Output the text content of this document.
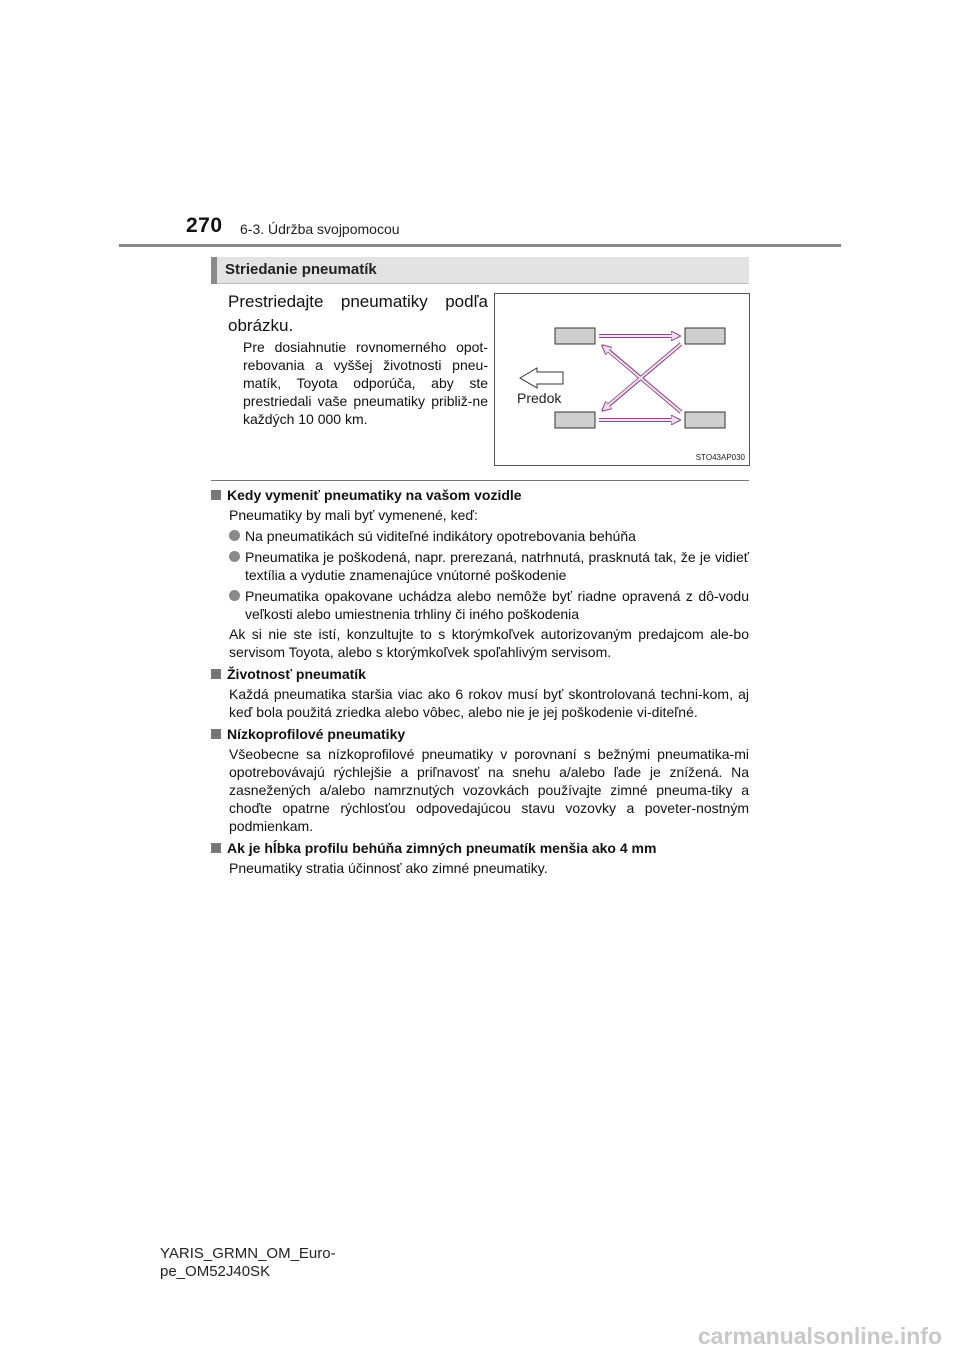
270 6-3. Údržba svojpomocou
Striedanie pneumatík
Prestriedajte pneumatiky podľa obrázku.
Pre dosiahnutie rovnomerného opot-rebovania a vyššej životnosti pneu-matík, Toyota odporúča, aby ste prestriedali vaše pneumatiky približ-ne každých 10 000 km.
Predok
STO43AP030
Kedy vymeniť pneumatiky na vašom vozidle
Pneumatiky by mali byť vymenené, keď:
Na pneumatikách sú viditeľné indikátory opotrebovania behúňa
Pneumatika je poškodená, napr. prerezaná, natrhnutá, prasknutá tak, že je vidieť textília a vydutie znamenajúce vnútorné poškodenie
Pneumatika opakovane uchádza alebo nemôže byť riadne opravená z dô-vodu veľkosti alebo umiestnenia trhliny či iného poškodenia
Ak si nie ste istí, konzultujte to s ktorýmkoľvek autorizovaným predajcom ale-bo servisom Toyota, alebo s ktorýmkoľvek spoľahlivým servisom.
Životnosť pneumatík
Každá pneumatika staršia viac ako 6 rokov musí byť skontrolovaná techni-kom, aj keď bola použitá zriedka alebo vôbec, alebo nie je jej poškodenie vi-diteľné.
Nízkoprofilové pneumatiky
Všeobecne sa nízkoprofilové pneumatiky v porovnaní s bežnými pneumatika-mi opotrebovávajú rýchlejšie a priľnavosť na snehu a/alebo ľade je znížená. Na zasnežených a/alebo namrznutých vozovkách používajte zimné pneuma-tiky a choďte opatrne rýchlosťou odpovedajúcou stavu vozovky a poveter-nostným podmienkam.
Ak je hĺbka profilu behúňa zimných pneumatík menšia ako 4 mm
Pneumatiky stratia účinnosť ako zimné pneumatiky.
YARIS_GRMN_OM_Euro-
pe_OM52J40SK
carmanualsonline.info
